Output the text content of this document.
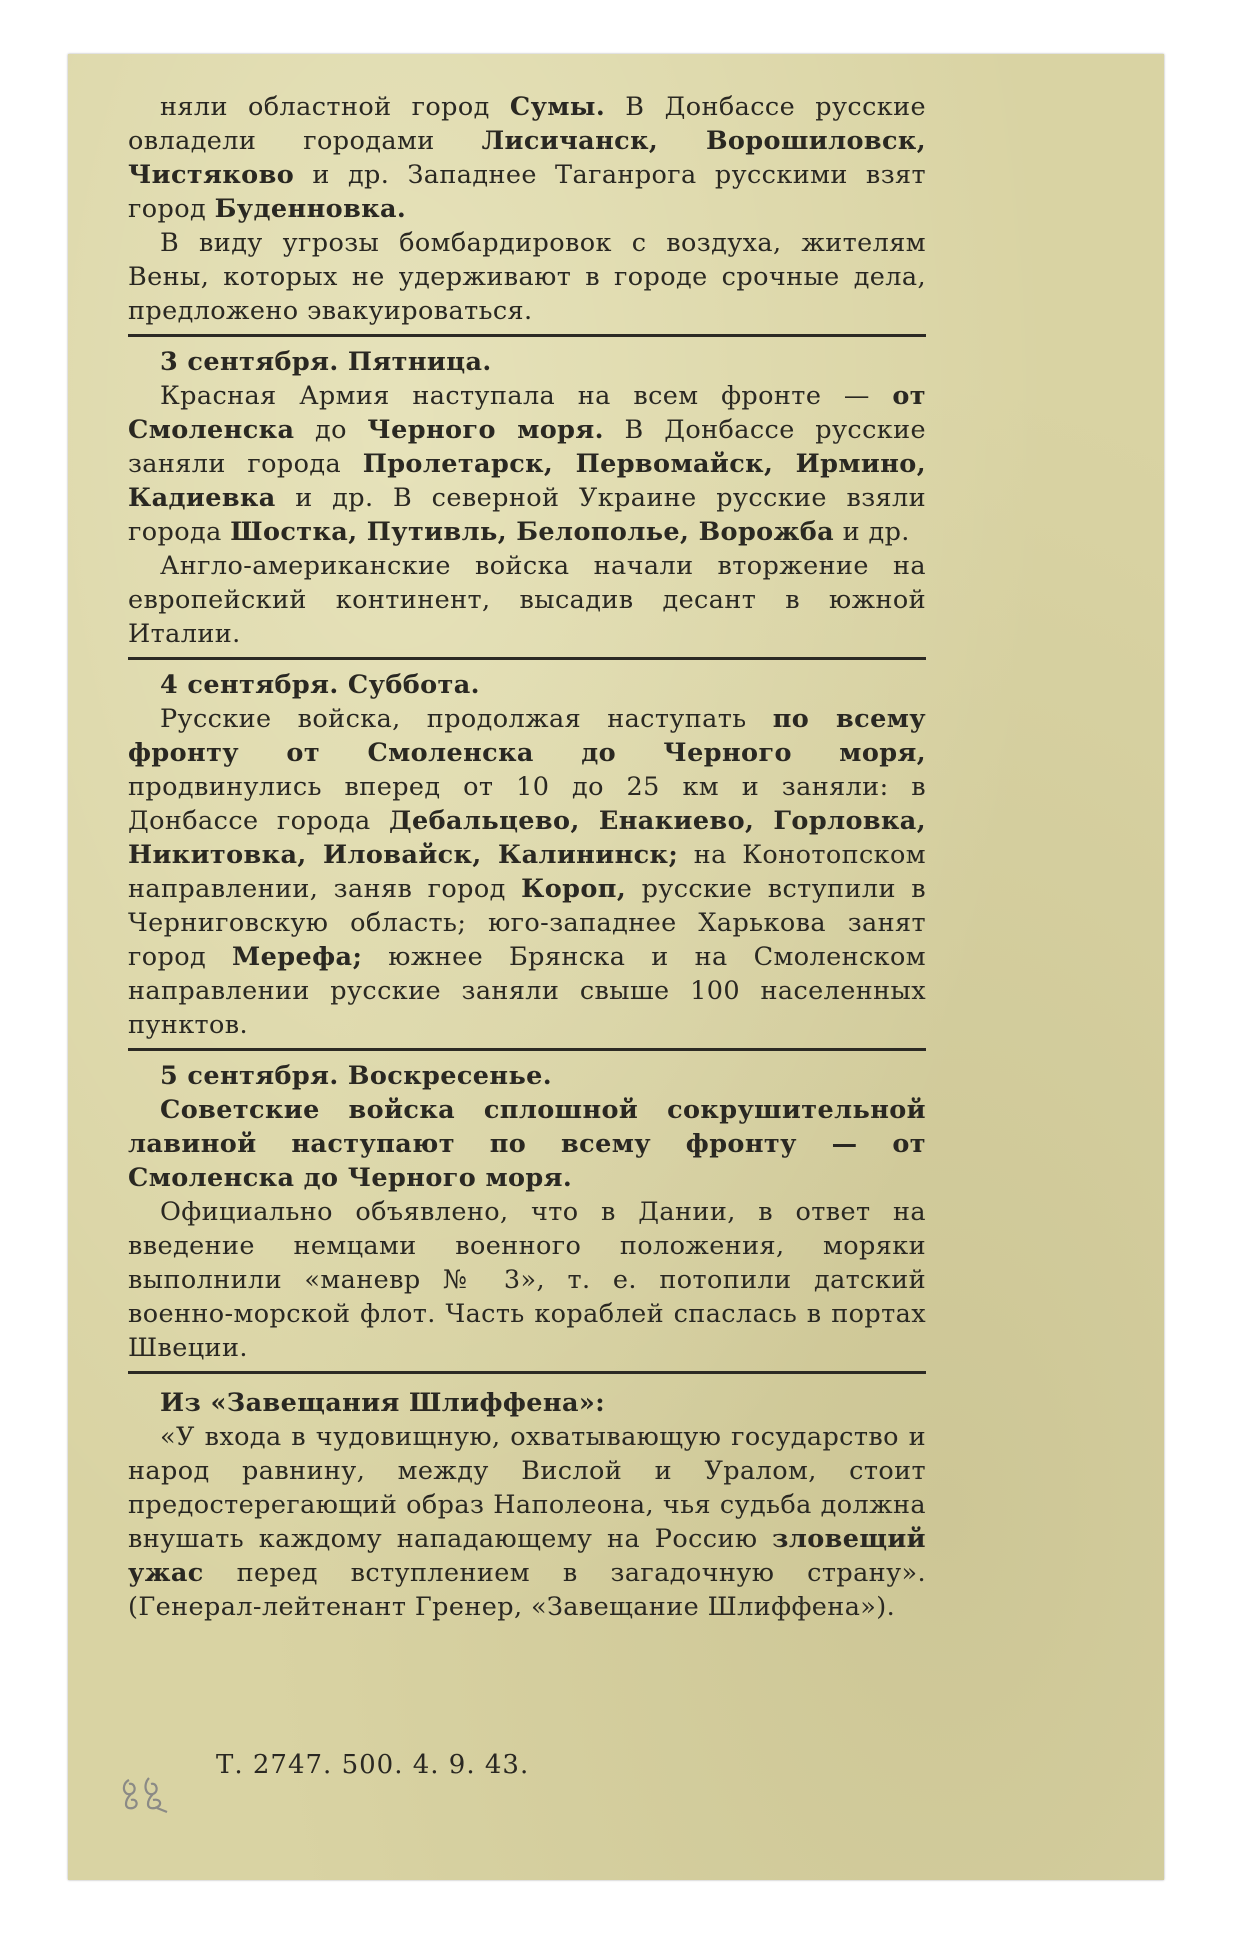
няли областной город Сумы. В Донбассе русские овладели городами Лисичанск, Ворошиловск, Чистяково и др. Западнее Таганрога русскими взят город Буденновка.

В виду угрозы бомбардировок с воздуха, жителям Вены, которых не удерживают в городе срочные дела, предложено эвакуироваться.

3 сентября. Пятница.

Красная Армия наступала на всем фронте — от Смоленска до Черного моря. В Донбассе русские заняли города Пролетарск, Первомайск, Ирмино, Кадиевка и др. В северной Украине русские взяли города Шостка, Путивль, Белополье, Ворожба и др.

Англо-американские войска начали вторжение на европейский континент, высадив десант в южной Италии.

4 сентября. Суббота.

Русские войска, продолжая наступать по всему фронту от Смоленска до Черного моря, продвинулись вперед от 10 до 25 км и заняли: в Донбассе города Дебальцево, Енакиево, Горловка, Никитовка, Иловайск, Калининск; на Конотопском направлении, заняв город Короп, русские вступили в Черниговскую область; юго-западнее Харькова занят город Мерефа; южнее Брянска и на Смоленском направлении русские заняли свыше 100 населенных пунктов.

5 сентября. Воскресенье.

Советские войска сплошной сокрушительной лавиной наступают по всему фронту — от Смоленска до Черного моря.

Официально объявлено, что в Дании, в ответ на введение немцами военного положения, моряки выполнили «маневр № 3», т. е. потопили датский военно-морской флот. Часть кораблей спаслась в портах Швеции.

Из «Завещания Шлиффена»:

«У входа в чудовищную, охватывающую государство и народ равнину, между Вислой и Уралом, стоит предостерегающий образ Наполеона, чья судьба должна внушать каждому нападающему на Россию зловещий ужас перед вступлением в загадочную страну». (Генерал-лейтенант Гренер, «Завещание Шлиффена»).

Т. 2747. 500. 4. 9. 43.
